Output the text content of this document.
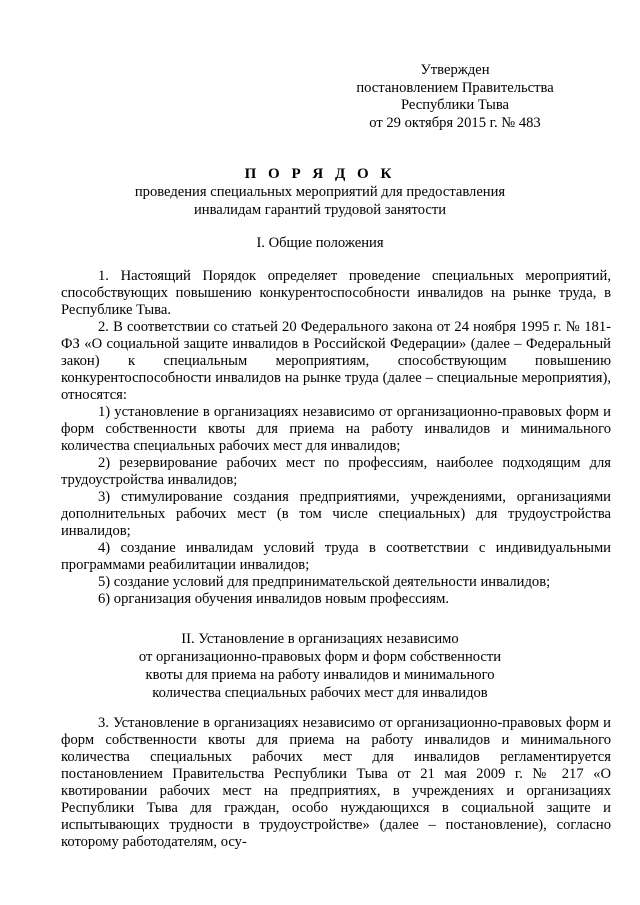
Утвержден
постановлением Правительства
Республики Тыва
от 29 октября 2015 г. № 483
П О Р Я Д О К
проведения специальных мероприятий для предоставления
инвалидам гарантий трудовой занятости
I. Общие положения

1. Настоящий Порядок определяет проведение специальных мероприятий, способствующих повышению конкурентоспособности инвалидов на рынке труда, в Республике Тыва.

2. В соответствии со статьей 20 Федерального закона от 24 ноября 1995 г. № 181-ФЗ «О социальной защите инвалидов в Российской Федерации» (далее – Федеральный закон) к специальным мероприятиям, способствующим повышению конкурентоспособности инвалидов на рынке труда (далее – специальные мероприятия), относятся:

1) установление в организациях независимо от организационно-правовых форм и форм собственности квоты для приема на работу инвалидов и минимального количества специальных рабочих мест для инвалидов;

2) резервирование рабочих мест по профессиям, наиболее подходящим для трудоустройства инвалидов;

3) стимулирование создания предприятиями, учреждениями, организациями дополнительных рабочих мест (в том числе специальных) для трудоустройства инвалидов;

4) создание инвалидам условий труда в соответствии с индивидуальными программами реабилитации инвалидов;

5) создание условий для предпринимательской деятельности инвалидов;

6) организация обучения инвалидов новым профессиям.

II. Установление в организациях независимо
от организационно-правовых форм и форм собственности
квоты для приема на работу инвалидов и минимального
количества специальных рабочих мест для инвалидов

3. Установление в организациях независимо от организационно-правовых форм и форм собственности квоты для приема на работу инвалидов и минимального количества специальных рабочих мест для инвалидов регламентируется постановлением Правительства Республики Тыва от 21 мая 2009 г. № 217 «О квотировании рабочих мест на предприятиях, в учреждениях и организациях Республики Тыва для граждан, особо нуждающихся в социальной защите и испытывающих трудности в трудоустройстве» (далее – постановление), согласно которому работодателям, осу-
